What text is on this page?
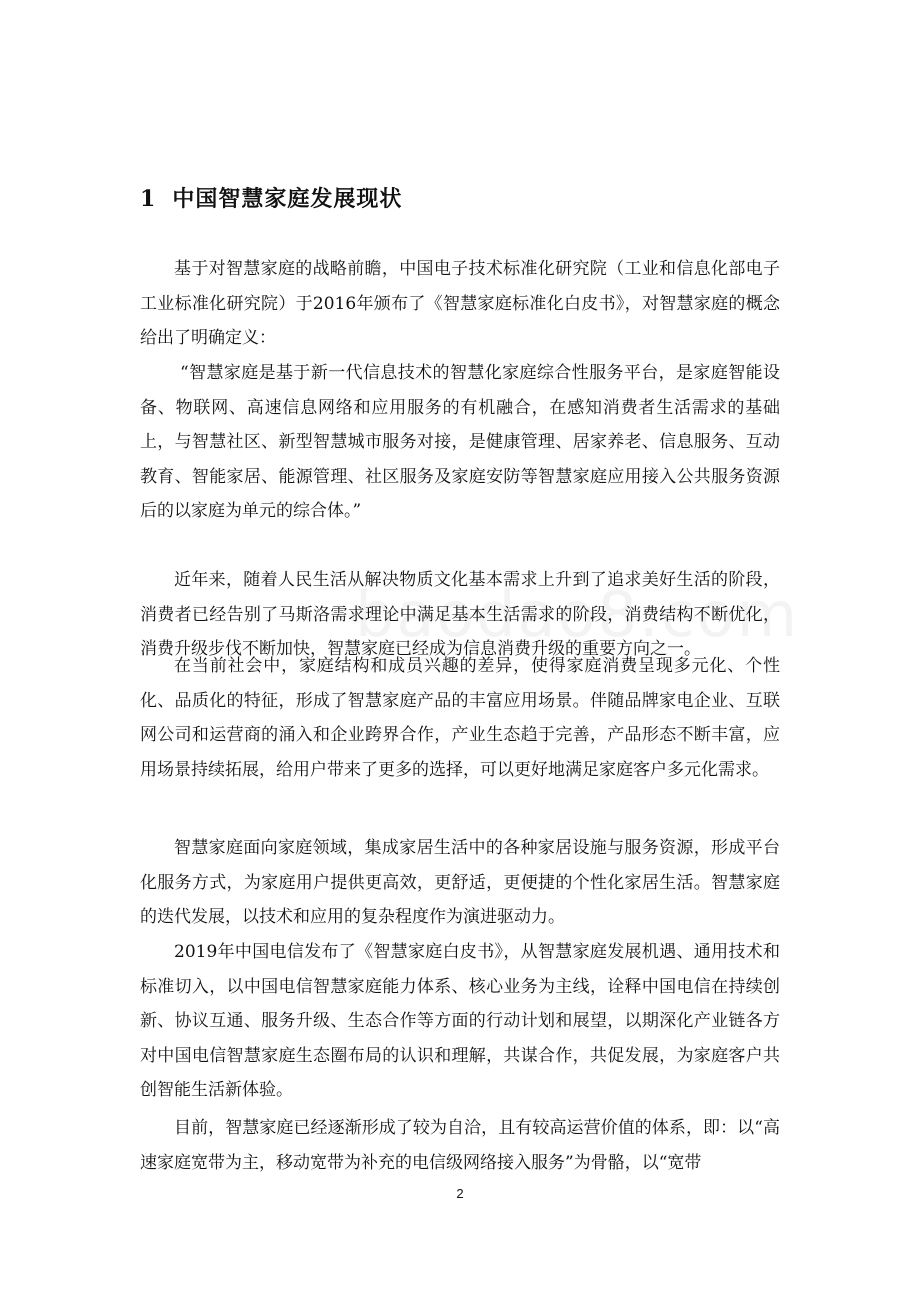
1 中国智慧家庭发展现状

基于对智慧家庭的战略前瞻，中国电子技术标准化研究院（工业和信息化部电子工业标准化研究院）于2016年颁布了《智慧家庭标准化白皮书》，对智慧家庭的概念给出了明确定义：

“智慧家庭是基于新一代信息技术的智慧化家庭综合性服务平台，是家庭智能设备、物联网、高速信息网络和应用服务的有机融合，在感知消费者生活需求的基础上，与智慧社区、新型智慧城市服务对接，是健康管理、居家养老、信息服务、互动教育、智能家居、能源管理、社区服务及家庭安防等智慧家庭应用接入公共服务资源后的以家庭为单元的综合体。”

近年来，随着人民生活从解决物质文化基本需求上升到了追求美好生活的阶段，消费者已经告别了马斯洛需求理论中满足基本生活需求的阶段，消费结构不断优化，消费升级步伐不断加快，智慧家庭已经成为信息消费升级的重要方向之一。

在当前社会中，家庭结构和成员兴趣的差异，使得家庭消费呈现多元化、个性化、品质化的特征，形成了智慧家庭产品的丰富应用场景。伴随品牌家电企业、互联网公司和运营商的涌入和企业跨界合作，产业生态趋于完善，产品形态不断丰富，应用场景持续拓展，给用户带来了更多的选择，可以更好地满足家庭客户多元化需求。

智慧家庭面向家庭领域，集成家居生活中的各种家居设施与服务资源，形成平台化服务方式，为家庭用户提供更高效，更舒适，更便捷的个性化家居生活。智慧家庭的迭代发展，以技术和应用的复杂程度作为演进驱动力。

2019年中国电信发布了《智慧家庭白皮书》，从智慧家庭发展机遇、通用技术和标准切入，以中国电信智慧家庭能力体系、核心业务为主线，诠释中国电信在持续创新、协议互通、服务升级、生态合作等方面的行动计划和展望，以期深化产业链各方对中国电信智慧家庭生态圈布局的认识和理解，共谋合作，共促发展，为家庭客户共创智能生活新体验。

目前，智慧家庭已经逐渐形成了较为自洽，且有较高运营价值的体系，即：以“高速家庭宽带为主，移动宽带为补充的电信级网络接入服务”为骨骼，以“宽带

2
